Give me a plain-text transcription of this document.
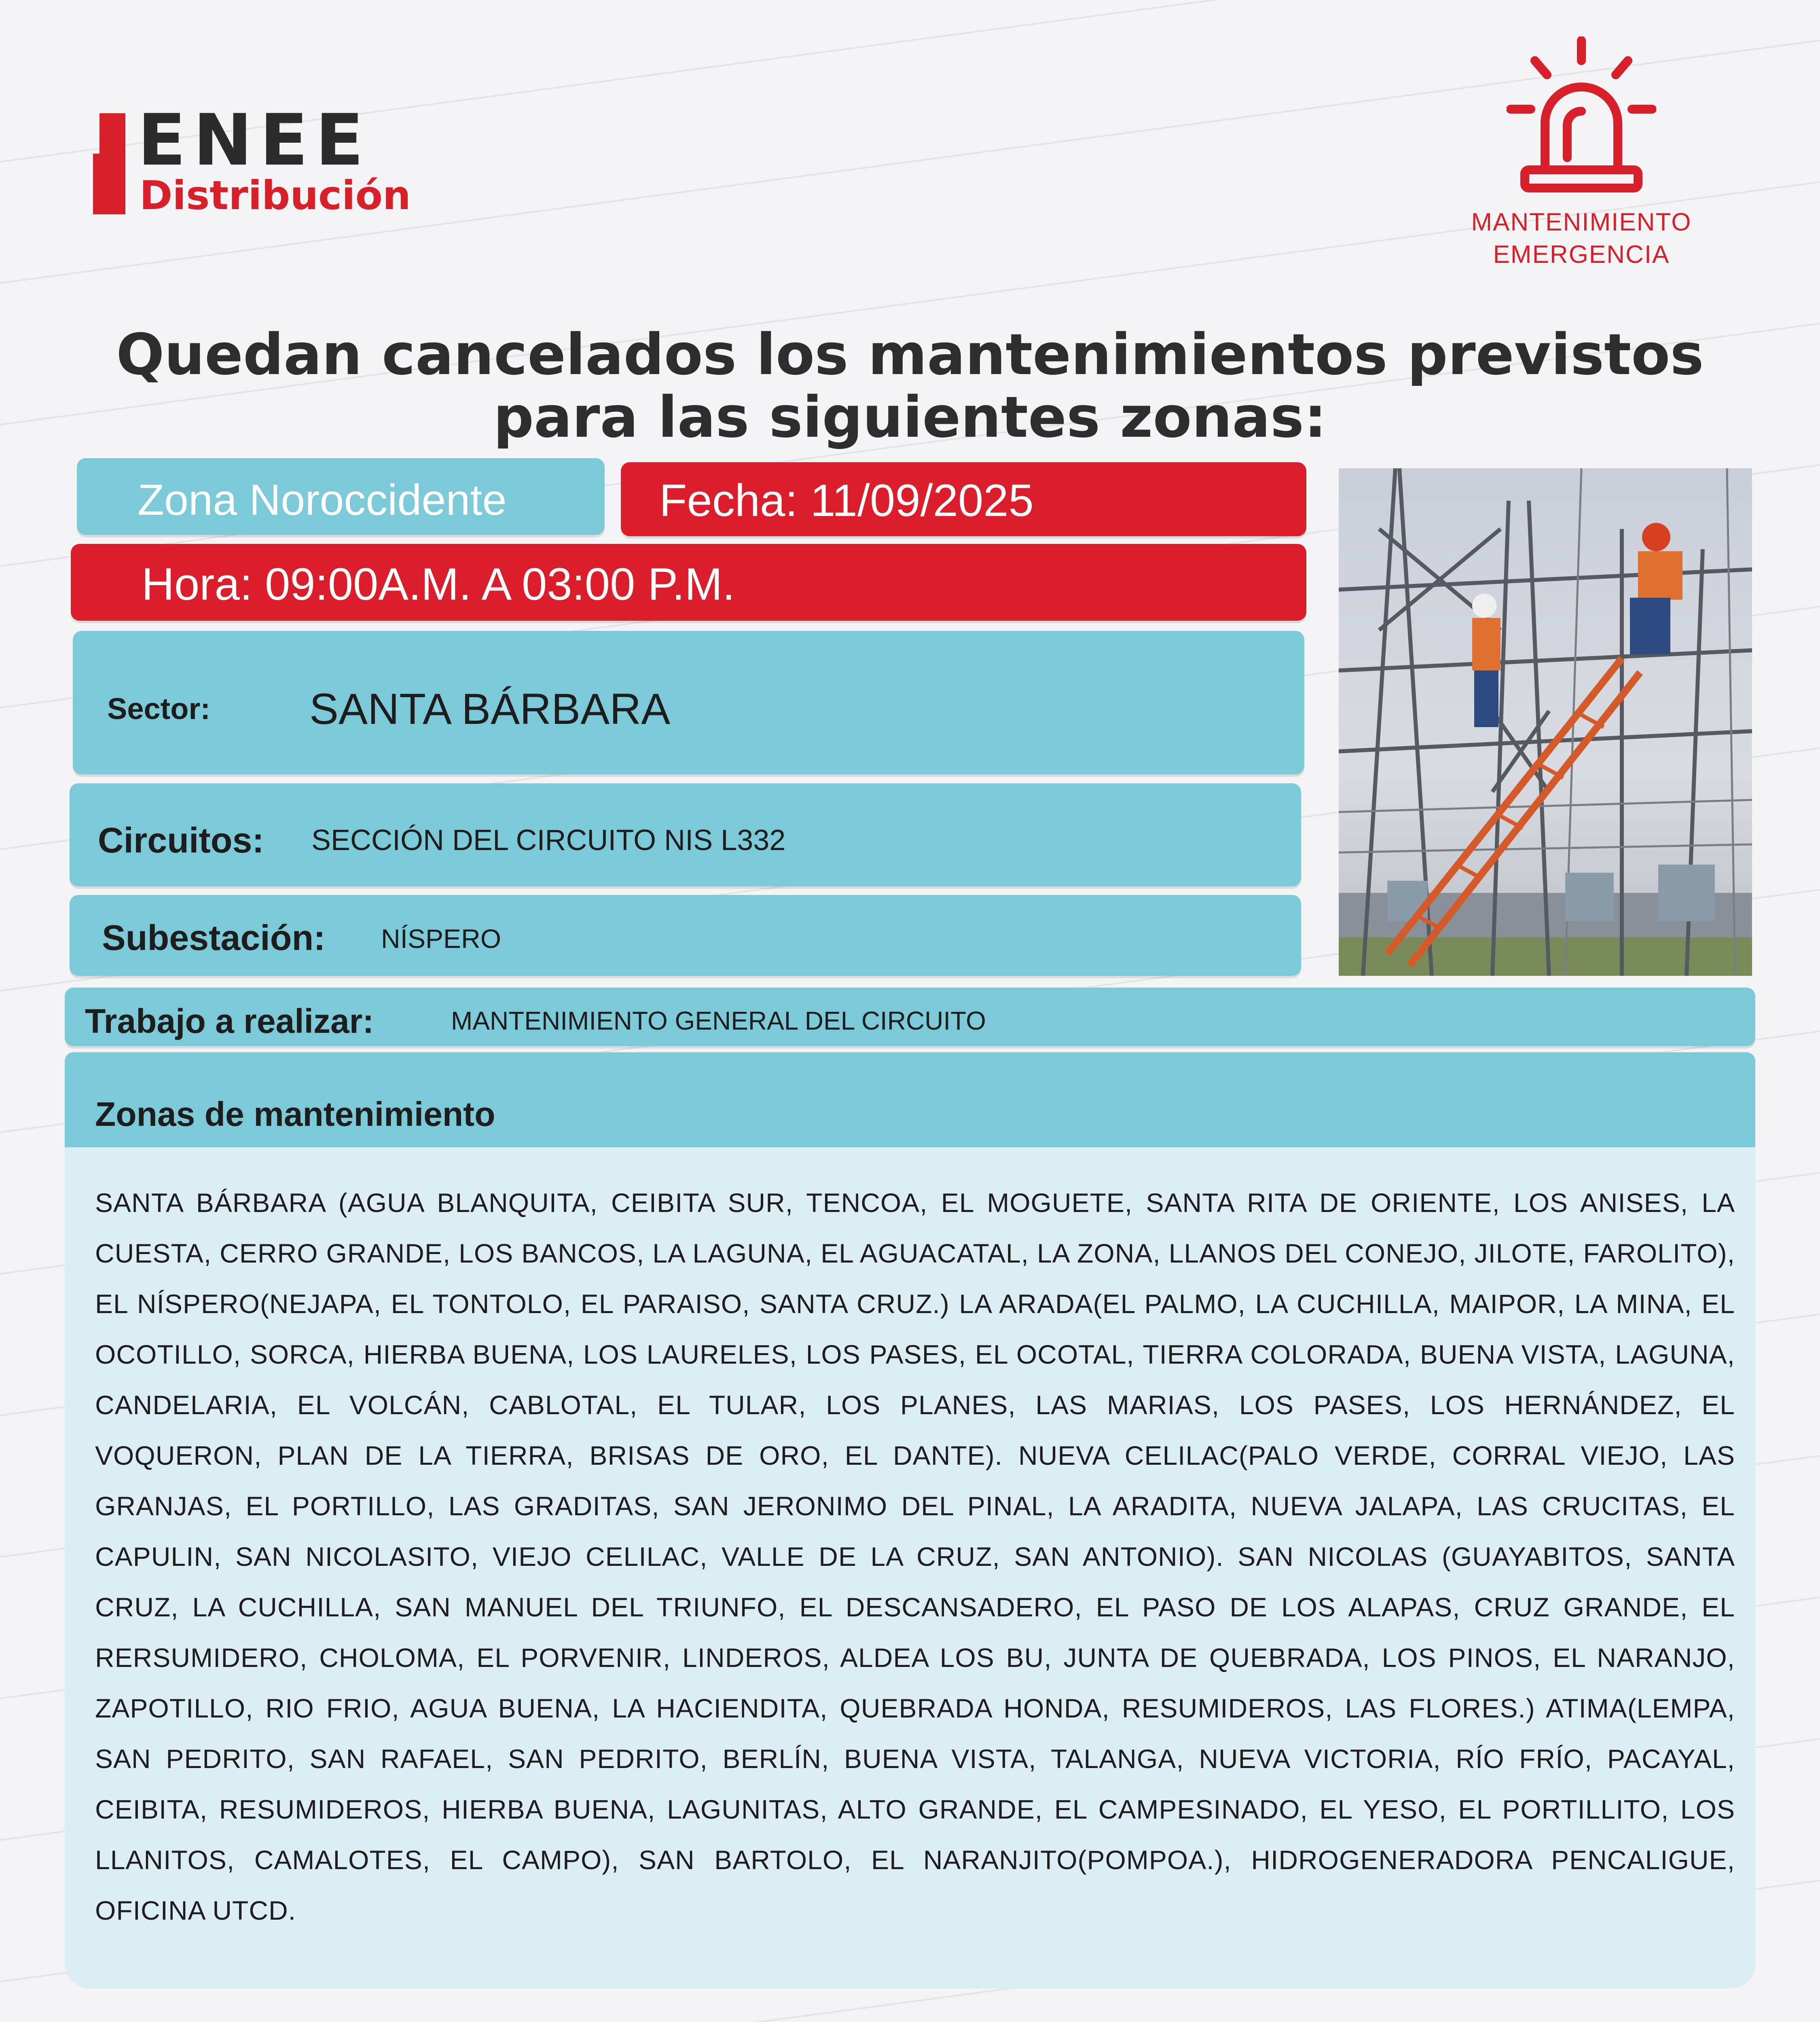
ENEE
Distribución
MANTENIMIENTO
EMERGENCIA
Quedan cancelados los mantenimientos previstos
para las siguientes zonas:
Zona Noroccidente	Fecha: 11/09/2025
Hora: 09:00A.M. A 03:00 P.M.
Sector: SANTA BÁRBARA
Circuitos: SECCIÓN DEL CIRCUITO NIS L332
Subestación: NÍSPERO
Trabajo a realizar:	MANTENIMIENTO GENERAL DEL CIRCUITO
Zonas de mantenimiento
SANTA BÁRBARA (AGUA BLANQUITA, CEIBITA SUR, TENCOA, EL MOGUETE, SANTA RITA DE ORIENTE, LOS ANISES, LA CUESTA, CERRO GRANDE, LOS BANCOS, LA LAGUNA, EL AGUACATAL, LA ZONA, LLANOS DEL CONEJO, JILOTE, FAROLITO), EL NÍSPERO(NEJAPA, EL TONTOLO, EL PARAISO, SANTA CRUZ.) LA ARADA(EL PALMO, LA CUCHILLA, MAIPOR, LA MINA, EL OCOTILLO, SORCA, HIERBA BUENA, LOS LAURELES, LOS PASES, EL OCOTAL, TIERRA COLORADA, BUENA VISTA, LAGUNA, CANDELARIA, EL VOLCÁN, CABLOTAL, EL TULAR, LOS PLANES, LAS MARIAS, LOS PASES, LOS HERNÁNDEZ, EL VOQUERON, PLAN DE LA TIERRA, BRISAS DE ORO, EL DANTE). NUEVA CELILAC(PALO VERDE, CORRAL VIEJO, LAS GRANJAS, EL PORTILLO, LAS GRADITAS, SAN JERONIMO DEL PINAL, LA ARADITA, NUEVA JALAPA, LAS CRUCITAS, EL CAPULIN, SAN NICOLASITO, VIEJO CELILAC, VALLE DE LA CRUZ, SAN ANTONIO). SAN NICOLAS (GUAYABITOS, SANTA CRUZ, LA CUCHILLA, SAN MANUEL DEL TRIUNFO, EL DESCANSADERO, EL PASO DE LOS ALAPAS, CRUZ GRANDE, EL RERSUMIDERO, CHOLOMA, EL PORVENIR, LINDEROS, ALDEA LOS BU, JUNTA DE QUEBRADA, LOS PINOS, EL NARANJO, ZAPOTILLO, RIO FRIO, AGUA BUENA, LA HACIENDITA, QUEBRADA HONDA, RESUMIDEROS, LAS FLORES.) ATIMA(LEMPA, SAN PEDRITO, SAN RAFAEL, SAN PEDRITO, BERLÍN, BUENA VISTA, TALANGA, NUEVA VICTORIA, RÍO FRÍO, PACAYAL, CEIBITA, RESUMIDEROS, HIERBA BUENA, LAGUNITAS, ALTO GRANDE, EL CAMPESINADO, EL YESO, EL PORTILLITO, LOS LLANITOS, CAMALOTES, EL CAMPO), SAN BARTOLO, EL NARANJITO(POMPOA.), HIDROGENERADORA PENCALIGUE, OFICINA UTCD.
